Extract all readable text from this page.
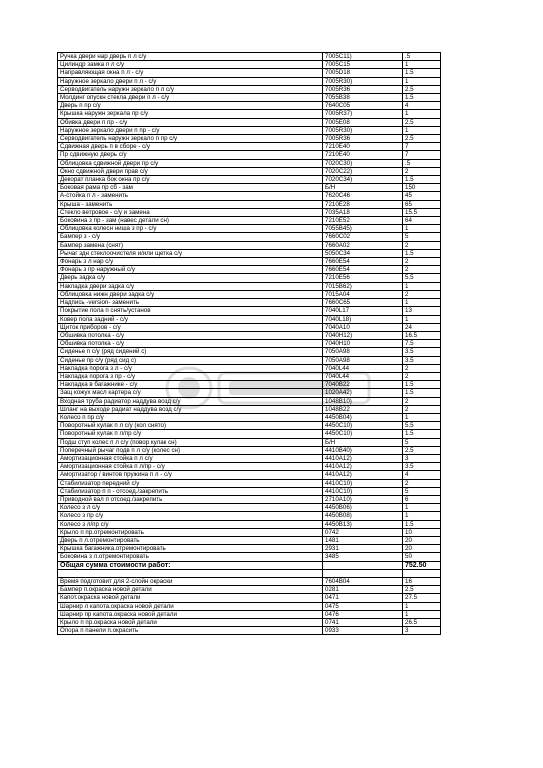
Ручка двери нар дверь п л с/у	7005C11)	.5
Цилиндр замка п л с/у	7005C15	1
Направляющая окна п л - с/у	7005D18	1.5
Наружное зеркало двери п л - с/у	7005R30)	1
Серводвигатель наружн зеркало п л с/у	7005R36	2.5
Молдинг опускн стекла двери п л - с/у	7055B38	1.5
Дверь п пр с/у	7640C05	4
Крышка наружн зеркала пр с/у	7005R37)	1
Обивка двери п пр - с/у	7005E08	2.5
Наружное зеркало двери п пр - с/у	7005R30)	1
Серводвигатель наружн зеркало п пр с/у	7005R36	2.5
Сдвижная дверь п в сборе - с/у	7210E40	7
Пр сдвижную дверь с/у	7210E40	7
Облицовка сдвижной двери пр с/у	7020C30)	.5
Окно сдвижной двери прав с/у	7020C22)	2
Декорат планка бок окна пр с/у	7020C34)	1.5
Боковая рама пр сб - зам	Б/Н	150
А-стойка п л - заменить	7620C46	45
Крыша - заменить	7210E28	65
Стекло ветровое - с/у и замена	7035A18	15.5
Боковина з пр - зам (навес детали сн)	7210E52	64
Облицовка колесн ниша з пр - с/у	7055B45)	1
Бампер з - с/у	7660C02	5
Бампер замена (снят)	7660A02	2
Рычаг здн стеклоочистеля и/или щетка с/у	5050C34	1.5
Фонарь з л нар с/у	7660E54	2
Фонарь з пр наружный с/у	7660E54	2
Дверь задка с/у	7210E56	5.5
Накладка двери задка с/у	7015B62)	1
Облицовка нижн двери задка с/у	7015A04	2
Надпись -version- заменить	7660C65	1
Покрытие пола п снять/установ	7040L17	13
Ковер пола задний - с/у	7040L18)	1
Щиток приборов - с/у	7040A10	24
Обшивка потолка - с/у	7040H12)	16.5
Обшивка потолка - с/у	7040H10	7.5
Сиденье п с/у (ряд сидений с)	7050A98	3.5
Сиденье пр с/у (ряд сид с)	7050A98	3.5
Накладка порога з л - с/у	7040L44	2
Накладка порога з пр - с/у	7040L44	2
Накладка в багажнике - с/у	7040B22	1.5
Защ кожух масл картера с/у	1020A42)	1.5
Входная труба радиатор наддува возд с/у	1048B10)	2
Шланг на выходе радиат наддува возд с/у	1048B22	2
Колесо п пр с/у	4450B04)	1
Поворотный кулак п л с/у (кол снято)	4450C10)	5.5
Поворотный кулак п л/пр с/у	4450C10)	1.5
Подш ступ колес п л с/у (повор кулак сн)	Б/Н	5
Поперечный рычаг подв п л с/у (колес сн)	4410B40)	2.5
Амортизационная стойка п л с/у	4410A12)	3
Амортизационная стойка п л/пр - с/у	4410A12)	3.5
Амортизатор / винтов пружина п л - с/у	4410A12)	4
Стабилизатор передний с/у	4410C10)	2
Стабилизатор п п - отсоед./закрепить	4410C10)	5
Приводной вал п отсоед./закрепить	2710A10)	6
Колесо з л с/у	4450B06)	1
Колесо з пр с/у	4450B08)	1
Колесо з л/пр с/у	4450B13)	1.5
Крыло п пр.отремонтировать	0742	10
Дверь п л.отремонтировать	1481	20
Крышка багажника.отремонтировать	2931	20
Боковина з л.отремонтировать	3485	50
Общая сумма стоимости работ:		752.50

Время подготовит для 2-слойн окраски	7604B04	16
Бампер п.окраска новой детали	0281	2.5
Капот.окраска новой детали	0471	27.5
Шарнир л капота.окраска новой детали	0475	1
Шарнир пр капота.окраска новой детали	0476	1
Крыло п пр.окраска новой детали	0741	26.5
Опора п панели п.окрасить	0933	3
